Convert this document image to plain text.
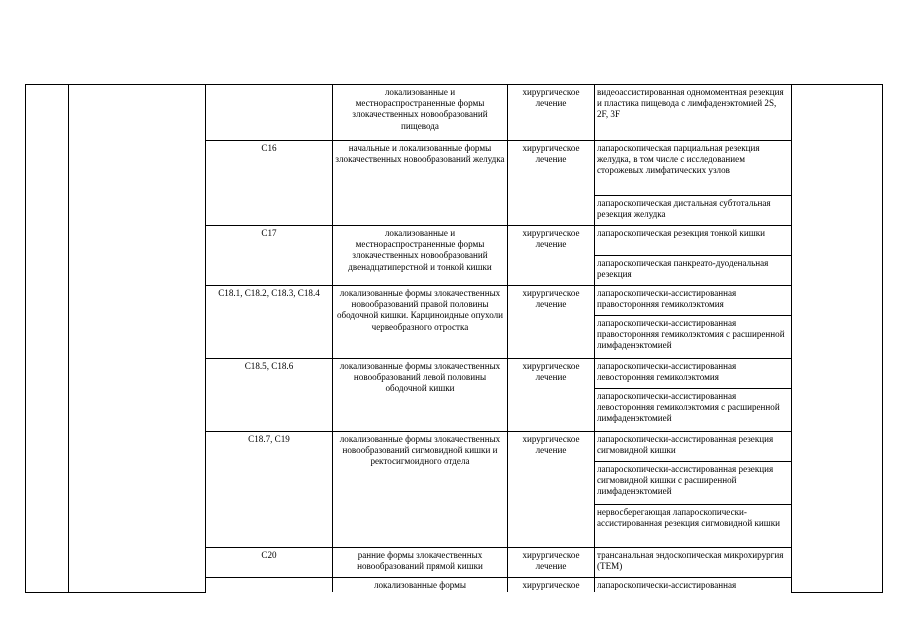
			локализованные и местнораспространенные формы злокачественных новообразований пищевода	хирургическое лечение	видеоассистированная одномоментная резекция и пластика пищевода с лимфаденэктомией 2S, 2F, 3F	
		C16	начальные и локализованные формы злокачественных новообразований желудка	хирургическое лечение	лапароскопическая парциальная резекция желудка, в том числе с исследованием сторожевых лимфатических узлов	
					лапароскопическая дистальная субтотальная резекция желудка	
		C17	локализованные и местнораспространенные формы злокачественных новообразований двенадцатиперстной и тонкой кишки	хирургическое лечение	лапароскопическая резекция тонкой кишки	
					лапароскопическая панкреато-дуоденальная резекция	
		C18.1, C18.2, C18.3, C18.4	локализованные формы злокачественных новообразований правой половины ободочной кишки. Карциноидные опухоли червеобразного отростка	хирургическое лечение	лапароскопически-ассистированная правосторонняя гемиколэктомия	
					лапароскопически-ассистированная правосторонняя гемиколэктомия с расширенной лимфаденэктомией	
		C18.5, C18.6	локализованные формы злокачественных новообразований левой половины ободочной кишки	хирургическое лечение	лапароскопически-ассистированная левосторонняя гемиколэктомия	
					лапароскопически-ассистированная левосторонняя гемиколэктомия с расширенной лимфаденэктомией	
		C18.7, C19	локализованные формы злокачественных новообразований сигмовидной кишки и ректосигмоидного отдела	хирургическое лечение	лапароскопически-ассистированная резекция сигмовидной кишки	
					лапароскопически-ассистированная резекция сигмовидной кишки с расширенной лимфаденэктомией	
					нервосберегающая лапароскопически-ассистированная резекция сигмовидной кишки	
		C20	ранние формы злокачественных новообразований прямой кишки	хирургическое лечение	трансанальная эндоскопическая микрохирургия (ТЕМ)	
			локализованные формы	хирургическое	лапароскопически-ассистированная	
